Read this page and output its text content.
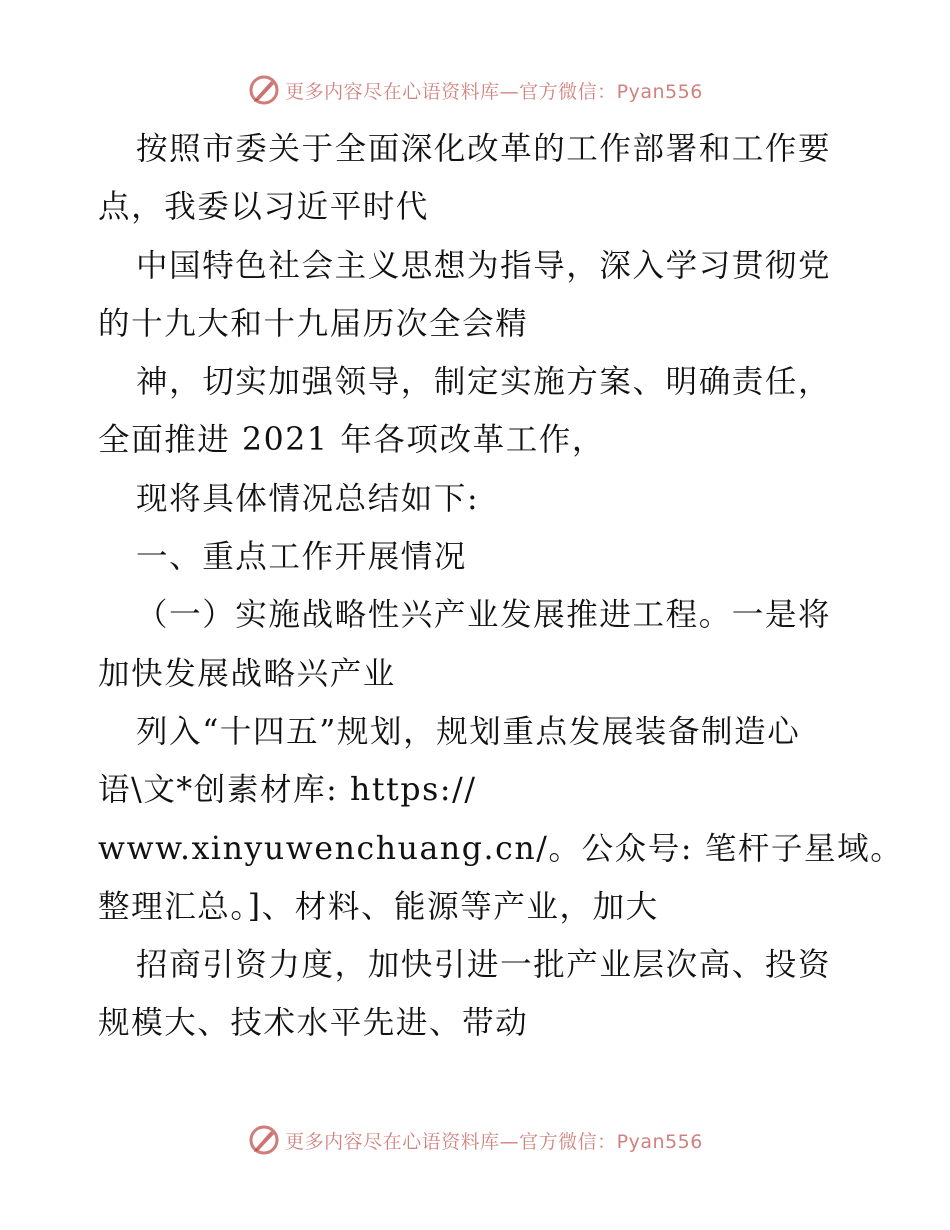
更多内容尽在心语资料库—官方微信：Pyan556
按照市委关于全面深化改革的工作部署和工作要
点，我委以习近平时代
中国特色社会主义思想为指导，深入学习贯彻党
的十九大和十九届历次全会精
神，切实加强领导，制定实施方案、明确责任，
全面推进 2021 年各项改革工作，
现将具体情况总结如下:
一、重点工作开展情况
（一）实施战略性兴产业发展推进工程。一是将
加快发展战略兴产业
列入“十四五”规划，规划重点发展装备制造心
语\文*创素材库: https://
www.xinyuwenchuang.cn/。公众号: 笔杆子星域。
整理汇总。]、材料、能源等产业，加大
招商引资力度，加快引进一批产业层次高、投资
规模大、技术水平先进、带动
更多内容尽在心语资料库—官方微信：Pyan556
